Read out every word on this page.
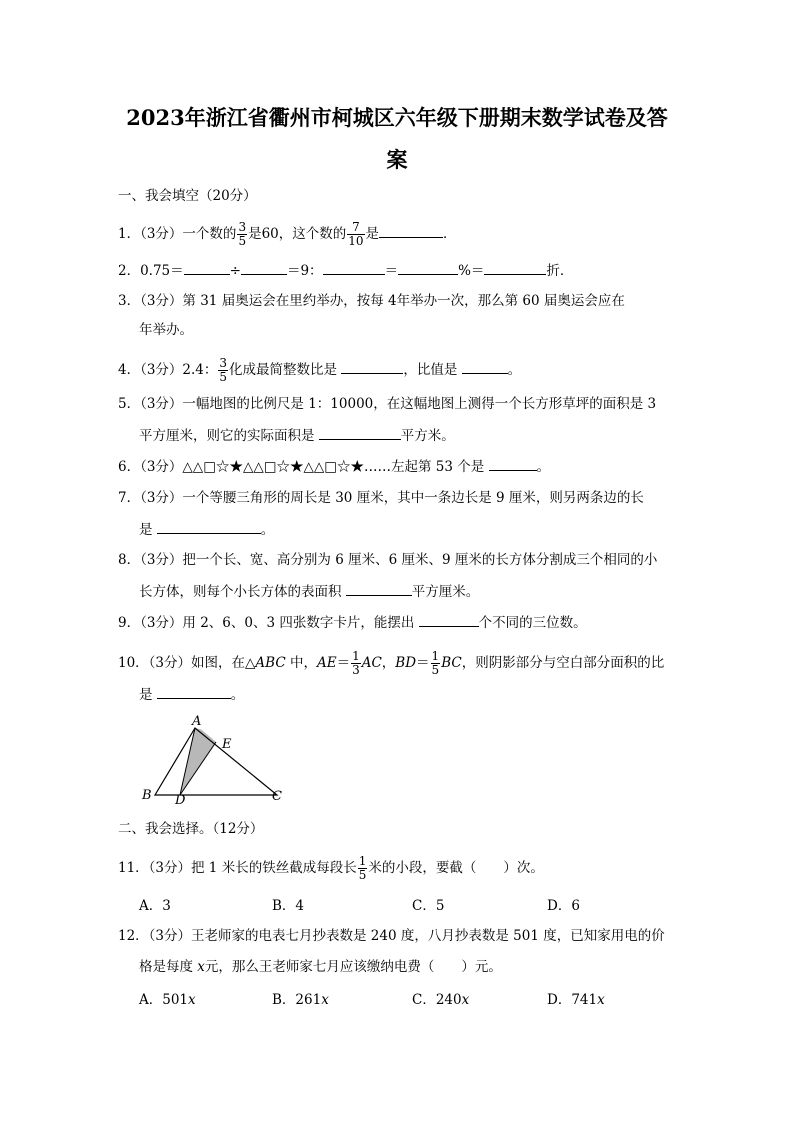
2023年浙江省衢州市柯城区六年级下册期末数学试卷及答
案
一、我会填空（20分）
1．（3分）一个数的 $\frac{3}{5}$ 是60，这个数的 $\frac{7}{10}$ 是	．
2．0.75＝	÷	＝9：	＝	%＝	折．
3．（3分）第 31 届奥运会在里约举办，按每 4年举办一次，那么第 60 届奥运会应在
年举办。
4．（3分）2.4： $\frac{3}{5}$ 化成最简整数比是	，比值是	。
5．（3分）一幅地图的比例尺是 1：10000，在这幅地图上测得一个长方形草坪的面积是 3
平方厘米，则它的实际面积是	平方米。
6．（3分）△△□☆★△△□☆★△△□☆★……左起第 53 个是	。
7．（3分）一个等腰三角形的周长是 30 厘米，其中一条边长是 9 厘米，则另两条边的长
是	。
8．（3分）把一个长、宽、高分别为 6 厘米、6 厘米、9 厘米的长方体分割成三个相同的小
长方体，则每个小长方体的表面积	平方厘米。
9．（3分）用 2、6、0、3 四张数字卡片，能摆出	个不同的三位数。
10．（3分）如图，在△ABC 中，$AE= \frac{1}{3}$ AC，$BD= \frac{1}{5}$ BC，则阴影部分与空白部分面积的比
是	。
A
E
B D	C
二、我会选择。（12分）
11．（3分）把 1 米长的铁丝截成每段长 $\frac{1}{5}$ 米的小段，要截（　　）次。
A．3	B．4	C．5	D．6
12．（3分）王老师家的电表七月抄表数是 240 度，八月抄表数是 501 度，已知家用电的价
格是每度 x元，那么王老师家七月应该缴纳电费（　　）元。
A．501x	B．261x	C．240x	D．741x
